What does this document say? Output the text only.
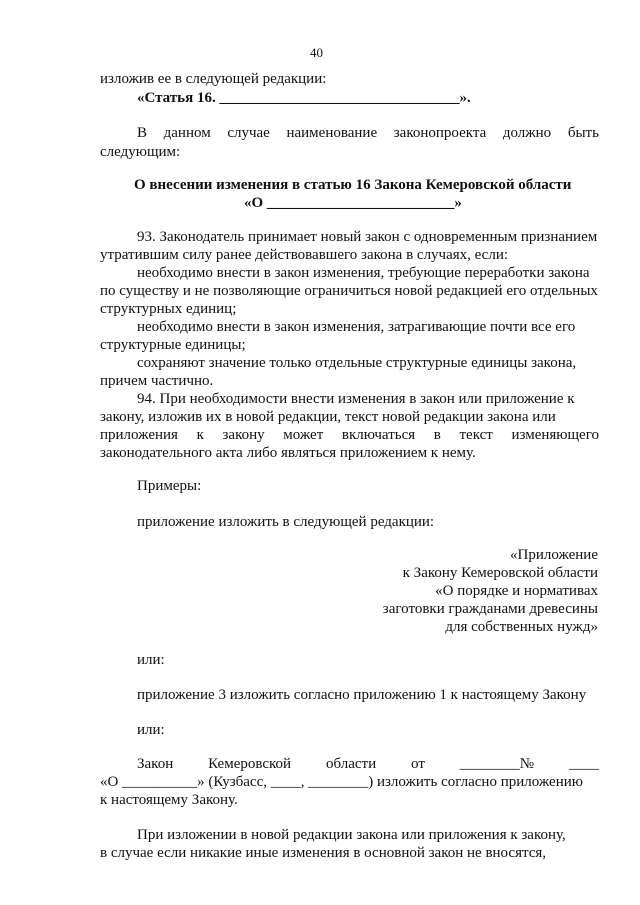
40
изложив ее в следующей редакции:
«Статья 16. ________________________________».
В данном случае наименование законопроекта должно быть
следующим:
О внесении изменения в статью 16 Закона Кемеровской области
«О _________________________»
93. Законодатель принимает новый закон с одновременным признанием
утратившим силу ранее действовавшего закона в случаях, если:
необходимо внести в закон изменения, требующие переработки закона
по существу и не позволяющие ограничиться новой редакцией его отдельных
структурных единиц;
необходимо внести в закон изменения, затрагивающие почти все его
структурные единицы;
сохраняют значение только отдельные структурные единицы закона,
причем частично.
94. При необходимости внести изменения в закон или приложение к
закону, изложив их в новой редакции, текст новой редакции закона или
приложения к закону может включаться в текст изменяющего
законодательного акта либо являться приложением к нему.
Примеры:
приложение изложить в следующей редакции:
«Приложение
к Закону Кемеровской области
«О порядке и нормативах
заготовки гражданами древесины
для собственных нужд»
или:
приложение 3 изложить согласно приложению 1 к настоящему Закону
или:
Закон Кемеровской области от ________№ ____
«О __________» (Кузбасс, ____, ________) изложить согласно приложению
к настоящему Закону.
При изложении в новой редакции закона или приложения к закону,
в случае если никакие иные изменения в основной закон не вносятся,
